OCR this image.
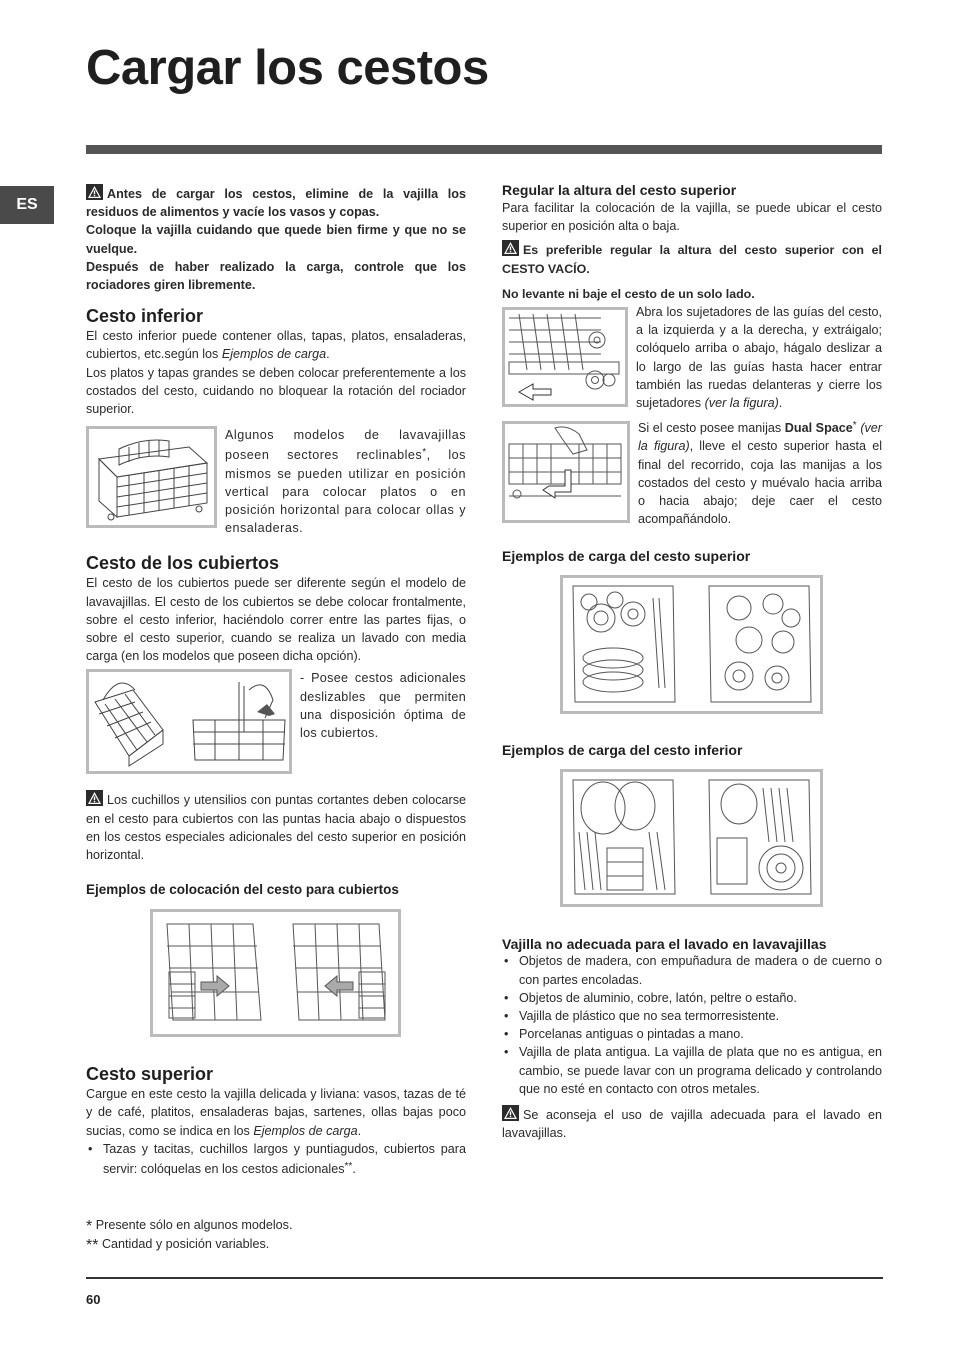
Cargar los cestos
ES

Antes de cargar los cestos, elimine de la vajilla los residuos de alimentos y vacíe los vasos y copas.
Coloque la vajilla cuidando que quede bien firme y que no se vuelque.
Después de haber realizado la carga, controle que los rociadores giren libremente.

Cesto inferior

El cesto inferior puede contener ollas, tapas, platos, ensaladeras, cubiertos, etc.según los Ejemplos de carga.
Los platos y tapas grandes se deben colocar preferentemente a los costados del cesto, cuidando no bloquear la rotación del rociador superior.

Algunos modelos de lavavajillas poseen sectores reclinables*, los mismos se pueden utilizar en posición vertical para colocar platos o en posición horizontal para colocar ollas y ensaladeras.

Cesto de los cubiertos

El cesto de los cubiertos puede ser diferente según el modelo de lavavajillas. El cesto de los cubiertos se debe colocar frontalmente, sobre el cesto inferior, haciéndolo correr entre las partes fijas, o sobre el cesto superior, cuando se realiza un lavado con media carga (en los modelos que poseen dicha opción).

- Posee cestos adicionales deslizables que permiten una disposición óptima de los cubiertos.

Los cuchillos y utensilios con puntas cortantes deben colocarse en el cesto para cubiertos con las puntas hacia abajo o dispuestos en los cestos especiales adicionales del cesto superior en posición horizontal.

Ejemplos de colocación del cesto para cubiertos
Cesto superior

Cargue en este cesto la vajilla delicada y liviana: vasos, tazas de té y de café, platitos, ensaladeras bajas, sartenes, ollas bajas poco sucias, como se indica en los Ejemplos de carga.

• Tazas y tacitas, cuchillos largos y puntiagudos, cubiertos para servir: colóquelas en los cestos adicionales**.
Regular la altura del cesto superior

Para facilitar la colocación de la vajilla, se puede ubicar el cesto superior en posición alta o baja.

Es preferible regular la altura del cesto superior con el CESTO VACÍO.

No levante ni baje el cesto de un solo lado.

Abra los sujetadores de las guías del cesto, a la izquierda y a la derecha, y extráigalo; colóquelo arriba o abajo, hágalo deslizar a lo largo de las guías hasta hacer entrar también las ruedas delanteras y cierre los sujetadores (ver la figura).

Si el cesto posee manijas Dual Space* (ver la figura), lleve el cesto superior hasta el final del recorrido, coja las manijas a los costados del cesto y muévalo hacia arriba o hacia abajo; deje caer el cesto acompañándolo.

Ejemplos de carga del cesto superior
Ejemplos de carga del cesto inferior
Vajilla no adecuada para el lavado en lavavajillas
• Objetos de madera, con empuñadura de madera o de cuerno o con partes encoladas.
• Objetos de aluminio, cobre, latón, peltre o estaño.
• Vajilla de plástico que no sea termorresistente.
• Porcelanas antiguas o pintadas a mano.
• Vajilla de plata antigua. La vajilla de plata que no es antigua, en cambio, se puede lavar con un programa delicado y controlando que no esté en contacto con otros metales.

Se aconseja el uso de vajilla adecuada para el lavado en lavavajillas.

* Presente sólo en algunos modelos.
** Cantidad y posición variables.
60
